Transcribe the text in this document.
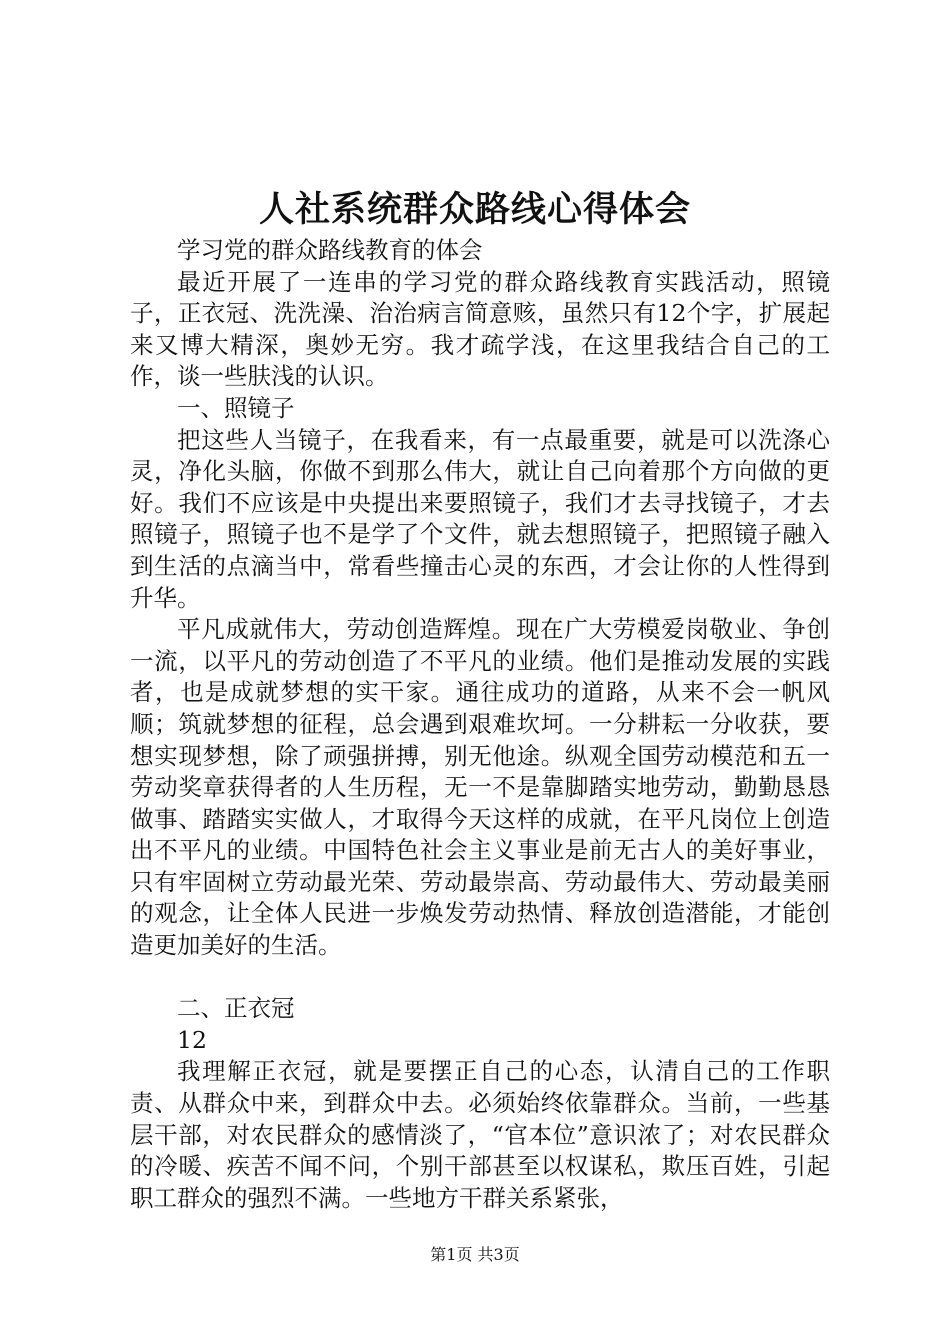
人社系统群众路线心得体会

学习党的群众路线教育的体会

最近开展了一连串的学习党的群众路线教育实践活动，照镜子，正衣冠、洗洗澡、治治病言简意赅，虽然只有12个字，扩展起来又博大精深，奥妙无穷。我才疏学浅，在这里我结合自己的工作，谈一些肤浅的认识。

一、照镜子

把这些人当镜子，在我看来，有一点最重要，就是可以洗涤心灵，净化头脑，你做不到那么伟大，就让自己向着那个方向做的更好。我们不应该是中央提出来要照镜子，我们才去寻找镜子，才去照镜子，照镜子也不是学了个文件，就去想照镜子，把照镜子融入到生活的点滴当中，常看些撞击心灵的东西，才会让你的人性得到升华。

平凡成就伟大，劳动创造辉煌。现在广大劳模爱岗敬业、争创一流，以平凡的劳动创造了不平凡的业绩。他们是推动发展的实践者，也是成就梦想的实干家。通往成功的道路，从来不会一帆风顺；筑就梦想的征程，总会遇到艰难坎坷。一分耕耘一分收获，要想实现梦想，除了顽强拼搏，别无他途。纵观全国劳动模范和五一劳动奖章获得者的人生历程，无一不是靠脚踏实地劳动，勤勤恳恳做事、踏踏实实做人，才取得今天这样的成就，在平凡岗位上创造出不平凡的业绩。中国特色社会主义事业是前无古人的美好事业，只有牢固树立劳动最光荣、劳动最崇高、劳动最伟大、劳动最美丽的观念，让全体人民进一步焕发劳动热情、释放创造潜能，才能创造更加美好的生活。

二、正衣冠

12

我理解正衣冠，就是要摆正自己的心态，认清自己的工作职责、从群众中来，到群众中去。必须始终依靠群众。当前，一些基层干部，对农民群众的感情淡了，“官本位”意识浓了；对农民群众的冷暖、疾苦不闻不问，个别干部甚至以权谋私，欺压百姓，引起职工群众的强烈不满。一些地方干群关系紧张，

第1页 共3页
